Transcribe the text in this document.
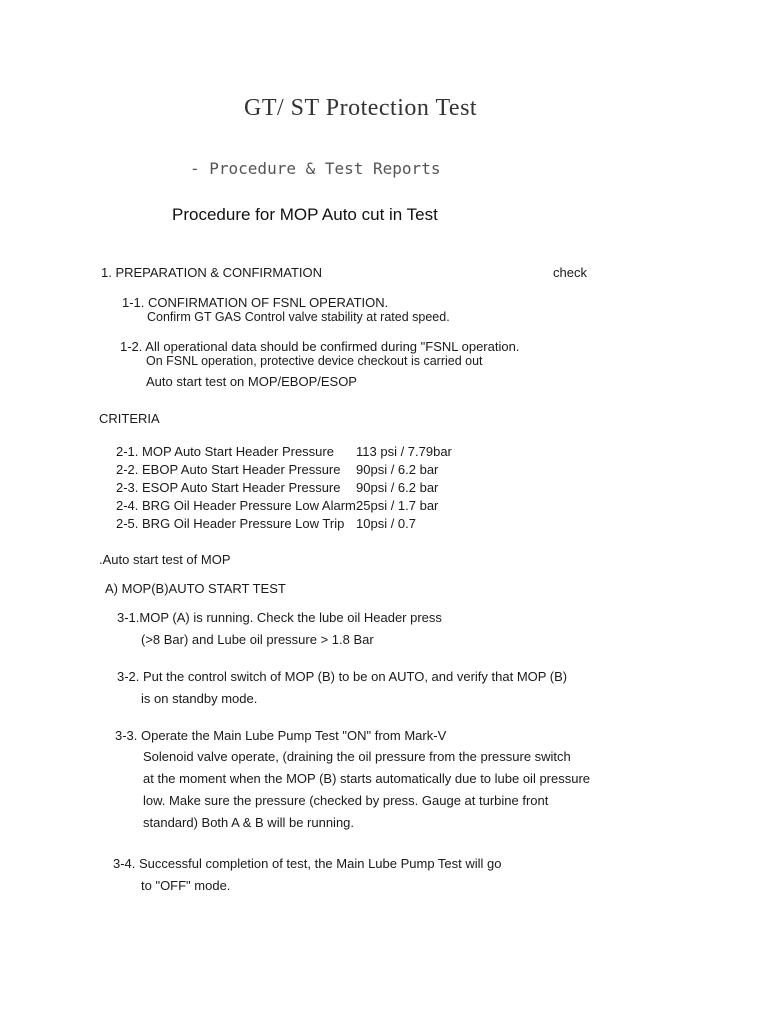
GT/ ST Protection Test
- Procedure & Test Reports
Procedure for MOP Auto cut in Test
1. PREPARATION & CONFIRMATION	check
1-1. CONFIRMATION OF FSNL OPERATION.
Confirm GT GAS Control valve stability at rated speed.
1-2. All operational data should be confirmed during "FSNL operation.
On FSNL operation, protective device checkout is carried out
Auto start test on MOP/EBOP/ESOP
CRITERIA
2-1. MOP Auto Start Header Pressure 113 psi / 7.79bar
2-2. EBOP Auto Start Header Pressure 90psi / 6.2 bar
2-3. ESOP Auto Start Header Pressure 90psi / 6.2 bar
2-4. BRG Oil Header Pressure Low Alarm 25psi / 1.7 bar
2-5. BRG Oil Header Pressure Low Trip 10psi / 0.7
.Auto start test of MOP
A) MOP(B)AUTO START TEST
3-1.MOP (A) is running. Check the lube oil Header press
(>8 Bar) and Lube oil pressure > 1.8 Bar
3-2. Put the control switch of MOP (B) to be on AUTO, and verify that MOP (B)
is on standby mode.
3-3. Operate the Main Lube Pump Test "ON" from Mark-V
Solenoid valve operate, (draining the oil pressure from the pressure switch
at the moment when the MOP (B) starts automatically due to lube oil pressure
low. Make sure the pressure (checked by press. Gauge at turbine front
standard) Both A & B will be running.
3-4. Successful completion of test, the Main Lube Pump Test will go
to "OFF" mode.
